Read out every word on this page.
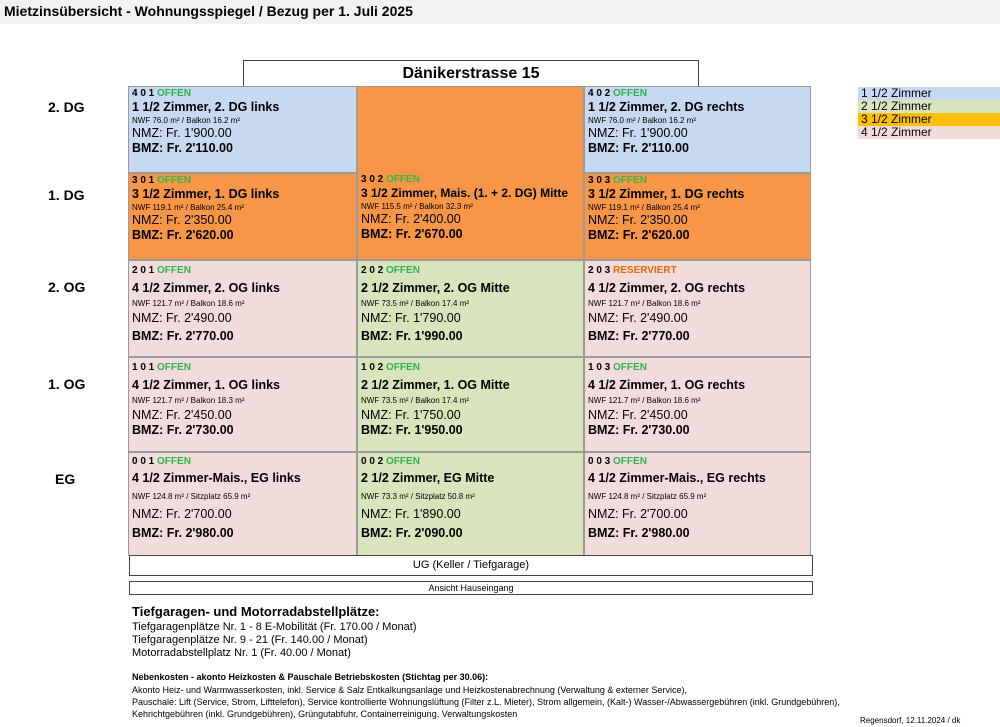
Mietzinsübersicht - Wohnungsspiegel / Bezug per 1. Juli 2025
Dänikerstrasse 15
2. DG
1. DG
2. OG
1. OG
EG
4 0 1 OFFEN
1 1/2 Zimmer, 2. DG links
NWF 76.0 m² / Balkon 16.2 m²
NMZ: Fr. 1'900.00
BMZ: Fr. 2'110.00
4 0 2 OFFEN
1 1/2 Zimmer, 2. DG rechts
NWF 76.0 m² / Balkon 16.2 m²
NMZ: Fr. 1'900.00
BMZ: Fr. 2'110.00
3 0 1 OFFEN
3 1/2 Zimmer, 1. DG links
NWF 119.1 m² / Balkon 25.4 m²
NMZ: Fr. 2'350.00
BMZ: Fr. 2'620.00
3 0 2 OFFEN
3 1/2 Zimmer, Mais. (1. + 2. DG) Mitte
NWF 115.5 m² / Balkon 32.3 m²
NMZ: Fr. 2'400.00
BMZ: Fr. 2'670.00
3 0 3 OFFEN
3 1/2 Zimmer, 1. DG rechts
NWF 119.1 m² / Balkon 25.4 m²
NMZ: Fr. 2'350.00
BMZ: Fr. 2'620.00
2 0 1 OFFEN
4 1/2 Zimmer, 2. OG links
NWF 121.7 m² / Balkon 18.6 m²
NMZ: Fr. 2'490.00
BMZ: Fr. 2'770.00
2 0 2 OFFEN
2 1/2 Zimmer, 2. OG Mitte
NWF 73.5 m² / Balkon 17.4 m²
NMZ: Fr. 1'790.00
BMZ: Fr. 1'990.00
2 0 3 RESERVIERT
4 1/2 Zimmer, 2. OG rechts
NWF 121.7 m² / Balkon 18.6 m²
NMZ: Fr. 2'490.00
BMZ: Fr. 2'770.00
1 0 1 OFFEN
4 1/2 Zimmer, 1. OG links
NWF 121.7 m² / Balkon 18.3 m²
NMZ: Fr. 2'450.00
BMZ: Fr. 2'730.00
1 0 2 OFFEN
2 1/2 Zimmer, 1. OG Mitte
NWF 73.5 m² / Balkon 17.4 m²
NMZ: Fr. 1'750.00
BMZ: Fr. 1'950.00
1 0 3 OFFEN
4 1/2 Zimmer, 1. OG rechts
NWF 121.7 m² / Balkon 18.6 m²
NMZ: Fr. 2'450.00
BMZ: Fr. 2'730.00
0 0 1 OFFEN
4 1/2 Zimmer-Mais., EG links
NWF 124.8 m² / Sitzplatz 65.9 m²
NMZ: Fr. 2'700.00
BMZ: Fr. 2'980.00
0 0 2 OFFEN
2 1/2 Zimmer, EG Mitte
NWF 73.3 m² / Sitzplatz 50.8 m²
NMZ: Fr. 1'890.00
BMZ: Fr. 2'090.00
0 0 3 OFFEN
4 1/2 Zimmer-Mais., EG rechts
NWF 124.8 m² / Sitzplatz 65.9 m²
NMZ: Fr. 2'700.00
BMZ: Fr. 2'980.00
UG (Keller / Tiefgarage)
Ansicht Hauseingang
1 1/2 Zimmer
2 1/2 Zimmer
3 1/2 Zimmer
4 1/2 Zimmer
Tiefgaragen- und Motorradabstellplätze:
Tiefgaragenplätze Nr. 1 - 8 E-Mobilität (Fr. 170.00 / Monat)
Tiefgaragenplätze Nr. 9 - 21 (Fr. 140.00 / Monat)
Motorradabstellplatz Nr. 1 (Fr. 40.00 / Monat)
Nebenkosten - akonto Heizkosten & Pauschale Betriebskosten (Stichtag per 30.06):
Akonto Heiz- und Warmwasserkosten, inkl. Service & Salz Entkalkungsanlage und Heizkostenabrechnung (Verwaltung & externer Service),
Pauschale: Lift (Service, Strom, Lifttelefon), Service kontrollierte Wohnungslüftung (Filter z.L. Mieter), Strom allgemein, (Kalt-) Wasser-/Abwassergebühren (inkl. Grundgebühren),
Kehrichtgebühren (inkl. Grundgebühren), Grüngutabfuhr, Containerreinigung, Verwaltungskosten
Regensdorf, 12.11.2024 / dk
